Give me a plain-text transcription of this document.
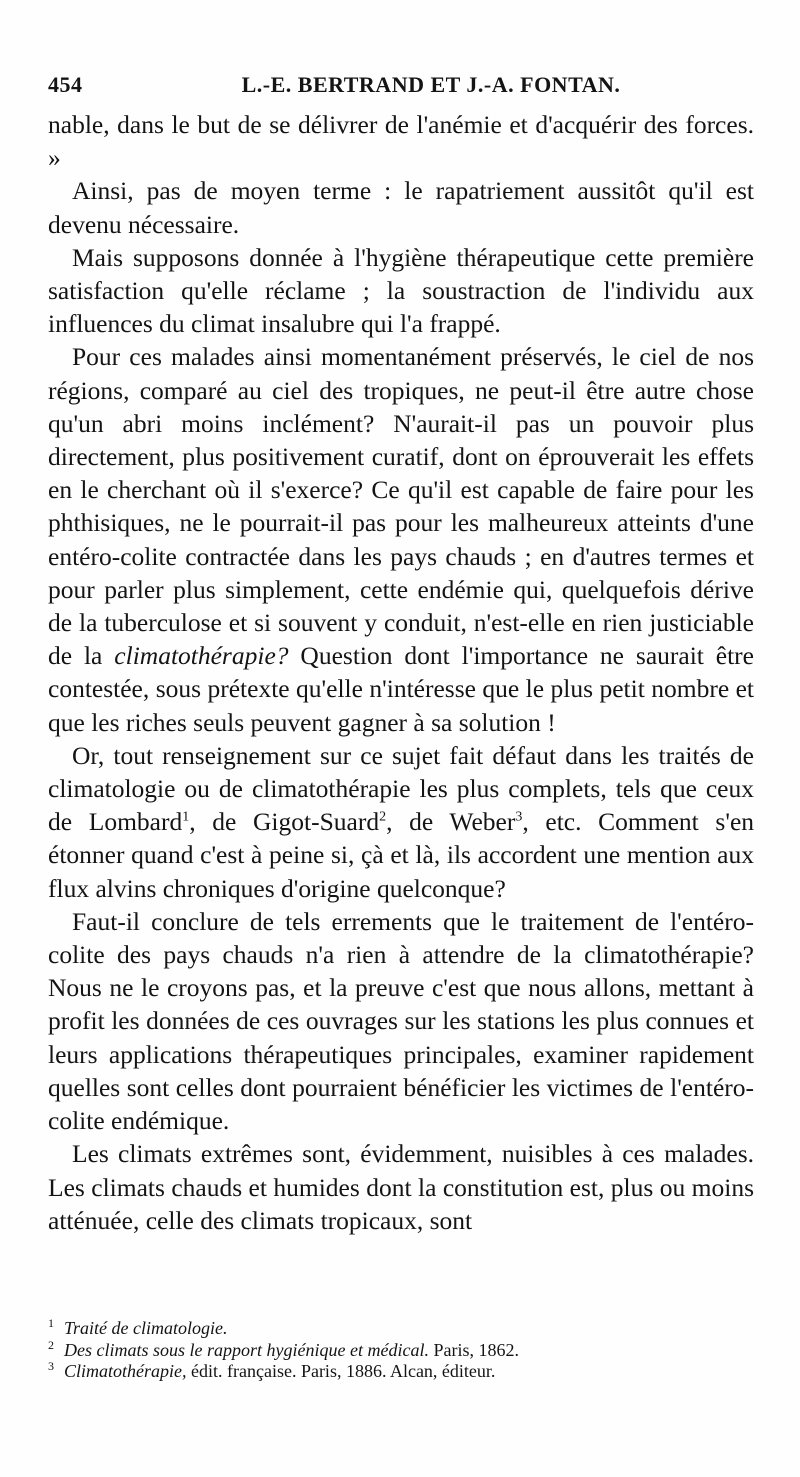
454	L.-E. BERTRAND ET J.-A. FONTAN.

nable, dans le but de se délivrer de l'anémie et d'acquérir des forces. »

Ainsi, pas de moyen terme : le rapatriement aussitôt qu'il est devenu nécessaire.

Mais supposons donnée à l'hygiène thérapeutique cette première satisfaction qu'elle réclame ; la soustraction de l'individu aux influences du climat insalubre qui l'a frappé.

Pour ces malades ainsi momentanément préservés, le ciel de nos régions, comparé au ciel des tropiques, ne peut-il être autre chose qu'un abri moins inclément? N'aurait-il pas un pouvoir plus directement, plus positivement curatif, dont on éprouverait les effets en le cherchant où il s'exerce? Ce qu'il est capable de faire pour les phthisiques, ne le pourrait-il pas pour les malheureux atteints d'une entéro-colite contractée dans les pays chauds ; en d'autres termes et pour parler plus simplement, cette endémie qui, quelquefois dérive de la tuberculose et si souvent y conduit, n'est-elle en rien justiciable de la climatothérapie? Question dont l'importance ne saurait être contestée, sous prétexte qu'elle n'intéresse que le plus petit nombre et que les riches seuls peuvent gagner à sa solution !

Or, tout renseignement sur ce sujet fait défaut dans les traités de climatologie ou de climatothérapie les plus complets, tels que ceux de Lombard$^1$, de Gigot-Suard$^2$, de Weber$^3$, etc. Comment s'en étonner quand c'est à peine si, çà et là, ils accordent une mention aux flux alvins chroniques d'origine quelconque?

Faut-il conclure de tels errements que le traitement de l'entéro-colite des pays chauds n'a rien à attendre de la climatothérapie? Nous ne le croyons pas, et la preuve c'est que nous allons, mettant à profit les données de ces ouvrages sur les stations les plus connues et leurs applications thérapeutiques principales, examiner rapidement quelles sont celles dont pourraient bénéficier les victimes de l'entéro-colite endémique.

Les climats extrêmes sont, évidemment, nuisibles à ces malades. Les climats chauds et humides dont la constitution est, plus ou moins atténuée, celle des climats tropicaux, sont

1 Traité de climatologie.
2 Des climats sous le rapport hygiénique et médical. Paris, 1862.
3 Climatothérapie, édit. française. Paris, 1886. Alcan, éditeur.
